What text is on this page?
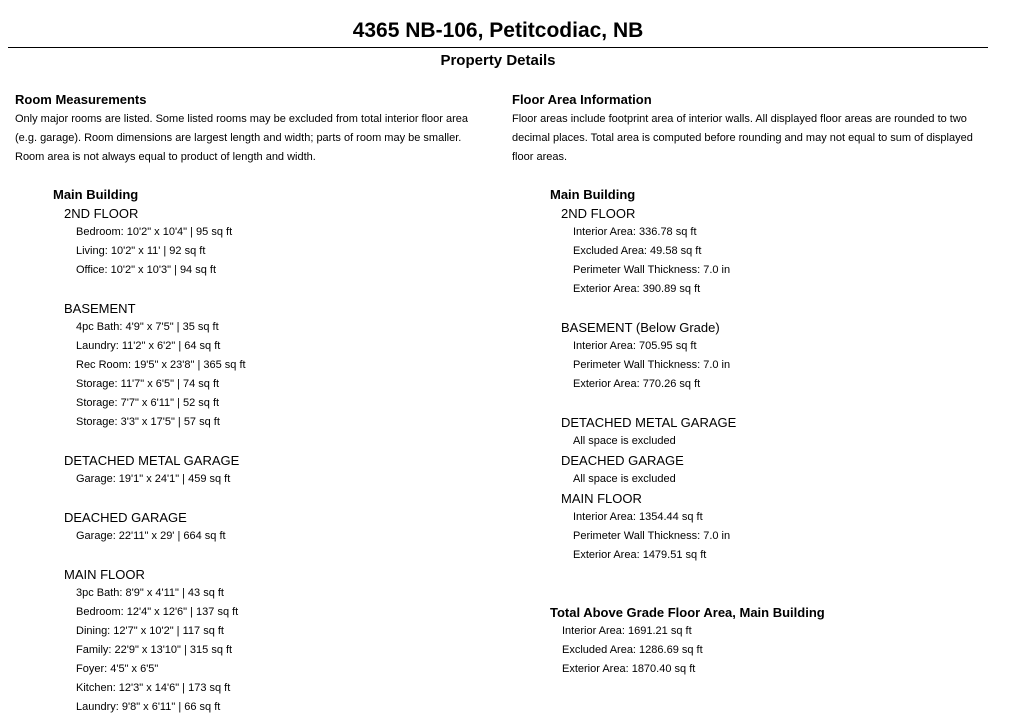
4365 NB-106, Petitcodiac, NB
Property Details
Room Measurements
Only major rooms are listed. Some listed rooms may be excluded from total interior floor area (e.g. garage). Room dimensions are largest length and width; parts of room may be smaller. Room area is not always equal to product of length and width.
Main Building
2ND FLOOR
Bedroom: 10'2" x 10'4" | 95 sq ft
Living: 10'2" x 11' | 92 sq ft
Office: 10'2" x 10'3" | 94 sq ft
BASEMENT
4pc Bath: 4'9" x 7'5" | 35 sq ft
Laundry: 11'2" x 6'2" | 64 sq ft
Rec Room: 19'5" x 23'8" | 365 sq ft
Storage: 11'7" x 6'5" | 74 sq ft
Storage: 7'7" x 6'11" | 52 sq ft
Storage: 3'3" x 17'5" | 57 sq ft
DETACHED METAL GARAGE
Garage: 19'1" x 24'1" | 459 sq ft
DEACHED GARAGE
Garage: 22'11" x 29' | 664 sq ft
MAIN FLOOR
3pc Bath: 8'9" x 4'11" | 43 sq ft
Bedroom: 12'4" x 12'6" | 137 sq ft
Dining: 12'7" x 10'2" | 117 sq ft
Family: 22'9" x 13'10" | 315 sq ft
Foyer: 4'5" x 6'5"
Kitchen: 12'3" x 14'6" | 173 sq ft
Laundry: 9'8" x 6'11" | 66 sq ft
Floor Area Information
Floor areas include footprint area of interior walls. All displayed floor areas are rounded to two decimal places. Total area is computed before rounding and may not equal to sum of displayed floor areas.
Main Building
2ND FLOOR
Interior Area: 336.78 sq ft
Excluded Area: 49.58 sq ft
Perimeter Wall Thickness: 7.0 in
Exterior Area: 390.89 sq ft
BASEMENT (Below Grade)
Interior Area: 705.95 sq ft
Perimeter Wall Thickness: 7.0 in
Exterior Area: 770.26 sq ft
DETACHED METAL GARAGE
All space is excluded
DEACHED GARAGE
All space is excluded
MAIN FLOOR
Interior Area: 1354.44 sq ft
Perimeter Wall Thickness: 7.0 in
Exterior Area: 1479.51 sq ft
Total Above Grade Floor Area, Main Building
Interior Area: 1691.21 sq ft
Excluded Area: 1286.69 sq ft
Exterior Area: 1870.40 sq ft
